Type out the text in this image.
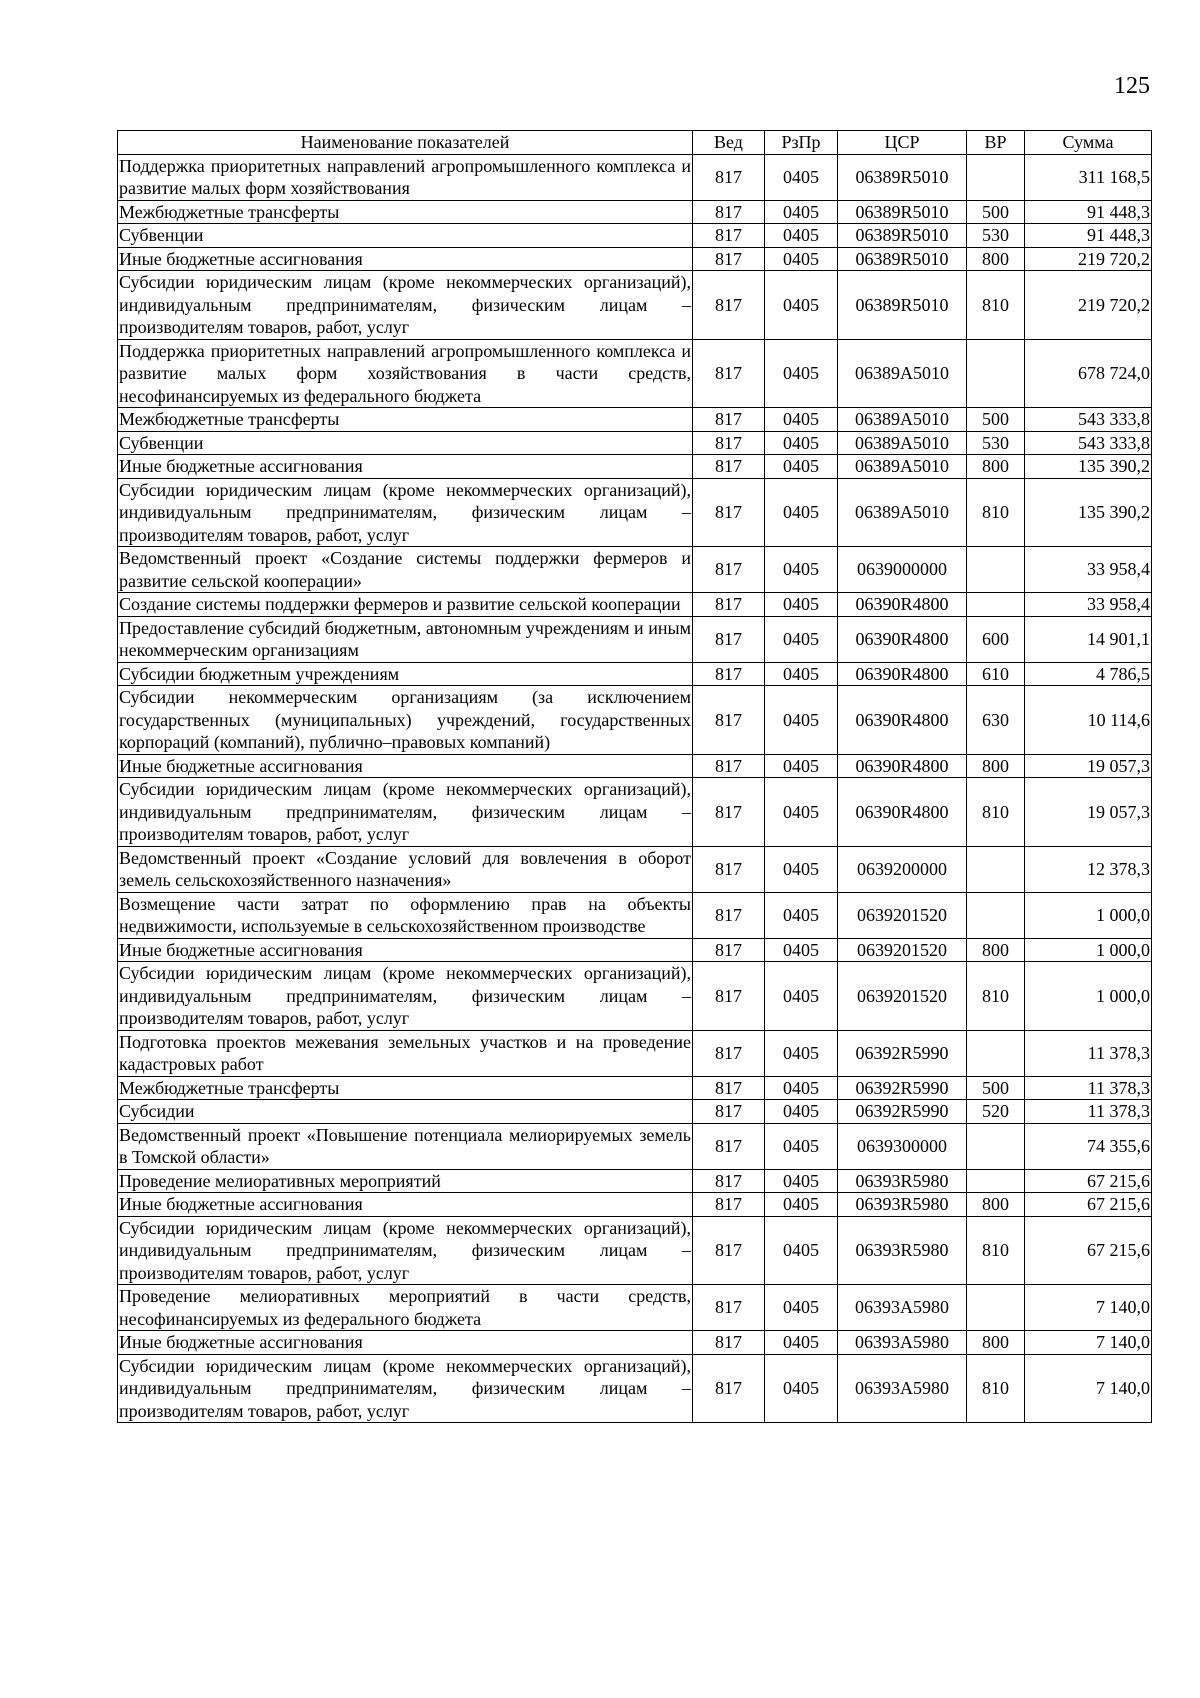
125
Наименование показателей	Вед	РзПр	ЦСР	ВР	Сумма
Поддержка приоритетных направлений агропромышленного комплекса и развитие малых форм хозяйствования	817	0405	06389R5010		311 168,5
Межбюджетные трансферты	817	0405	06389R5010	500	91 448,3
Субвенции	817	0405	06389R5010	530	91 448,3
Иные бюджетные ассигнования	817	0405	06389R5010	800	219 720,2
Субсидии юридическим лицам (кроме некоммерческих организаций), индивидуальным предпринимателям, физическим лицам – производителям товаров, работ, услуг	817	0405	06389R5010	810	219 720,2
Поддержка приоритетных направлений агропромышленного комплекса и развитие малых форм хозяйствования в части средств, несофинансируемых из федерального бюджета	817	0405	06389A5010		678 724,0
Межбюджетные трансферты	817	0405	06389A5010	500	543 333,8
Субвенции	817	0405	06389A5010	530	543 333,8
Иные бюджетные ассигнования	817	0405	06389A5010	800	135 390,2
Субсидии юридическим лицам (кроме некоммерческих организаций), индивидуальным предпринимателям, физическим лицам – производителям товаров, работ, услуг	817	0405	06389A5010	810	135 390,2
Ведомственный проект «Создание системы поддержки фермеров и развитие сельской кооперации»	817	0405	0639000000		33 958,4
Создание системы поддержки фермеров и развитие сельской кооперации	817	0405	06390R4800		33 958,4
Предоставление субсидий бюджетным, автономным учреждениям и иным некоммерческим организациям	817	0405	06390R4800	600	14 901,1
Субсидии бюджетным учреждениям	817	0405	06390R4800	610	4 786,5
Субсидии некоммерческим организациям (за исключением государственных (муниципальных) учреждений, государственных корпораций (компаний), публично–правовых компаний)	817	0405	06390R4800	630	10 114,6
Иные бюджетные ассигнования	817	0405	06390R4800	800	19 057,3
Субсидии юридическим лицам (кроме некоммерческих организаций), индивидуальным предпринимателям, физическим лицам – производителям товаров, работ, услуг	817	0405	06390R4800	810	19 057,3
Ведомственный проект «Создание условий для вовлечения в оборот земель сельскохозяйственного назначения»	817	0405	0639200000		12 378,3
Возмещение части затрат по оформлению прав на объекты недвижимости, используемые в сельскохозяйственном производстве	817	0405	0639201520		1 000,0
Иные бюджетные ассигнования	817	0405	0639201520	800	1 000,0
Субсидии юридическим лицам (кроме некоммерческих организаций), индивидуальным предпринимателям, физическим лицам – производителям товаров, работ, услуг	817	0405	0639201520	810	1 000,0
Подготовка проектов межевания земельных участков и на проведение кадастровых работ	817	0405	06392R5990		11 378,3
Межбюджетные трансферты	817	0405	06392R5990	500	11 378,3
Субсидии	817	0405	06392R5990	520	11 378,3
Ведомственный проект «Повышение потенциала мелиорируемых земель в Томской области»	817	0405	0639300000		74 355,6
Проведение мелиоративных мероприятий	817	0405	06393R5980		67 215,6
Иные бюджетные ассигнования	817	0405	06393R5980	800	67 215,6
Субсидии юридическим лицам (кроме некоммерческих организаций), индивидуальным предпринимателям, физическим лицам – производителям товаров, работ, услуг	817	0405	06393R5980	810	67 215,6
Проведение мелиоративных мероприятий в части средств, несофинансируемых из федерального бюджета	817	0405	06393A5980		7 140,0
Иные бюджетные ассигнования	817	0405	06393A5980	800	7 140,0
Субсидии юридическим лицам (кроме некоммерческих организаций), индивидуальным предпринимателям, физическим лицам – производителям товаров, работ, услуг	817	0405	06393A5980	810	7 140,0
